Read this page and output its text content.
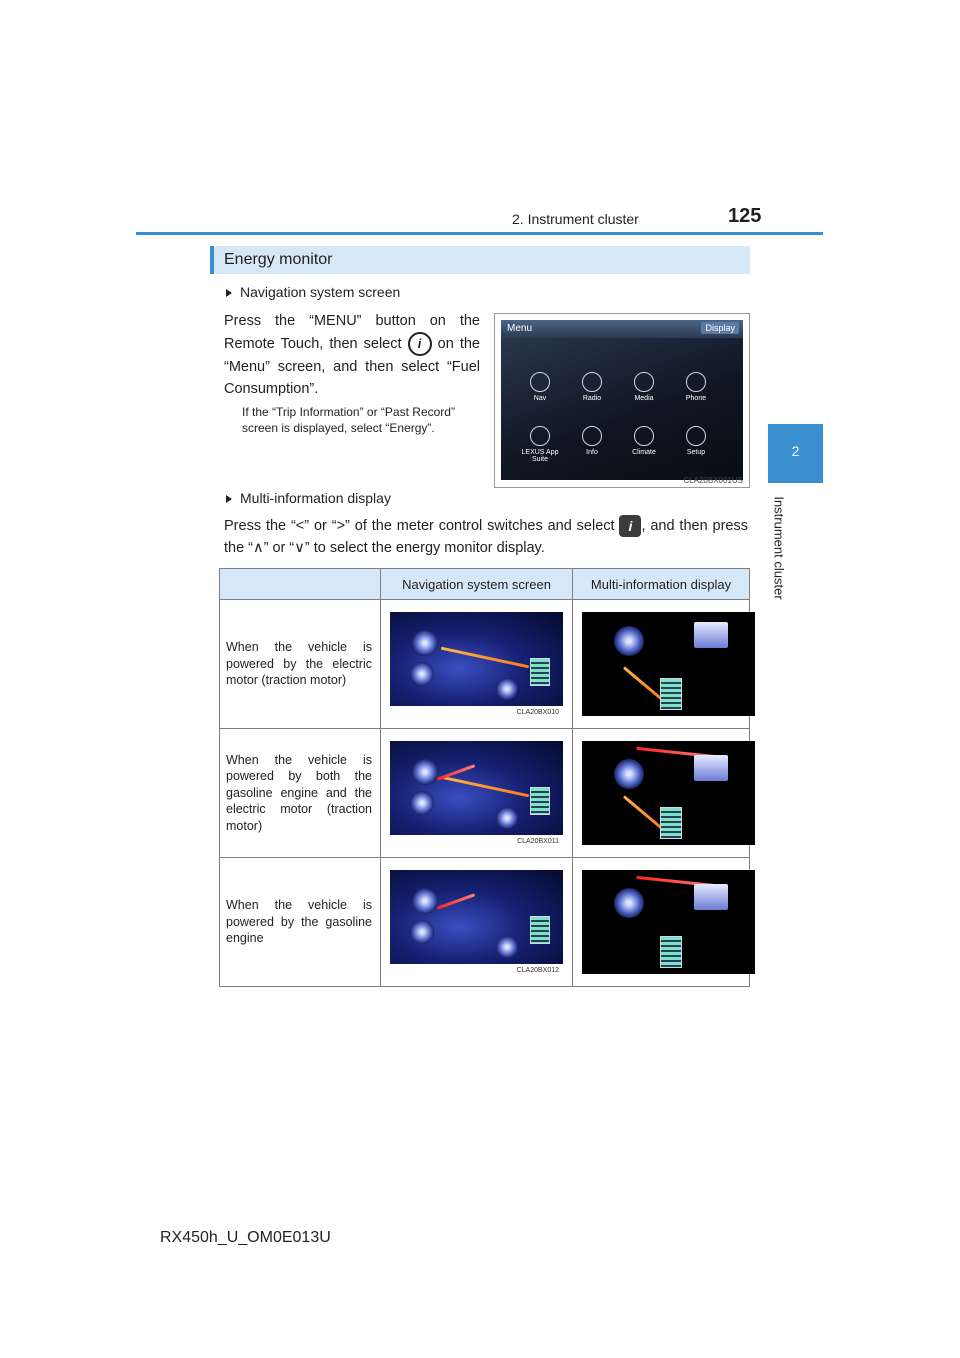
2. Instrument cluster	125
2
Instrument cluster
Energy monitor
Navigation system screen
Press the “MENU” button on the Remote Touch, then select i on the “Menu” screen, and then select “Fuel Consumption”.
If the “Trip Information” or “Past Record” screen is displayed, select “Energy”.
Menu	Display
Nav	Radio	Media	Phone
LEXUS App Suite
Info	Climate	Setup
CLA20BX001US
Multi-information display
Press the “<” or “>” of the meter control switches and select i , and then press the “∧” or “∨” to select the energy monitor display.
	Navigation system screen	Multi-information display
When the vehicle is powered by the electric motor (traction motor)	CLA20BX010	

When the vehicle is powered by both the gasoline engine and the electric motor (traction motor)	CLA20BX011	

When the vehicle is powered by the gasoline engine	CLA20BX012	

RX450h_U_OM0E013U
